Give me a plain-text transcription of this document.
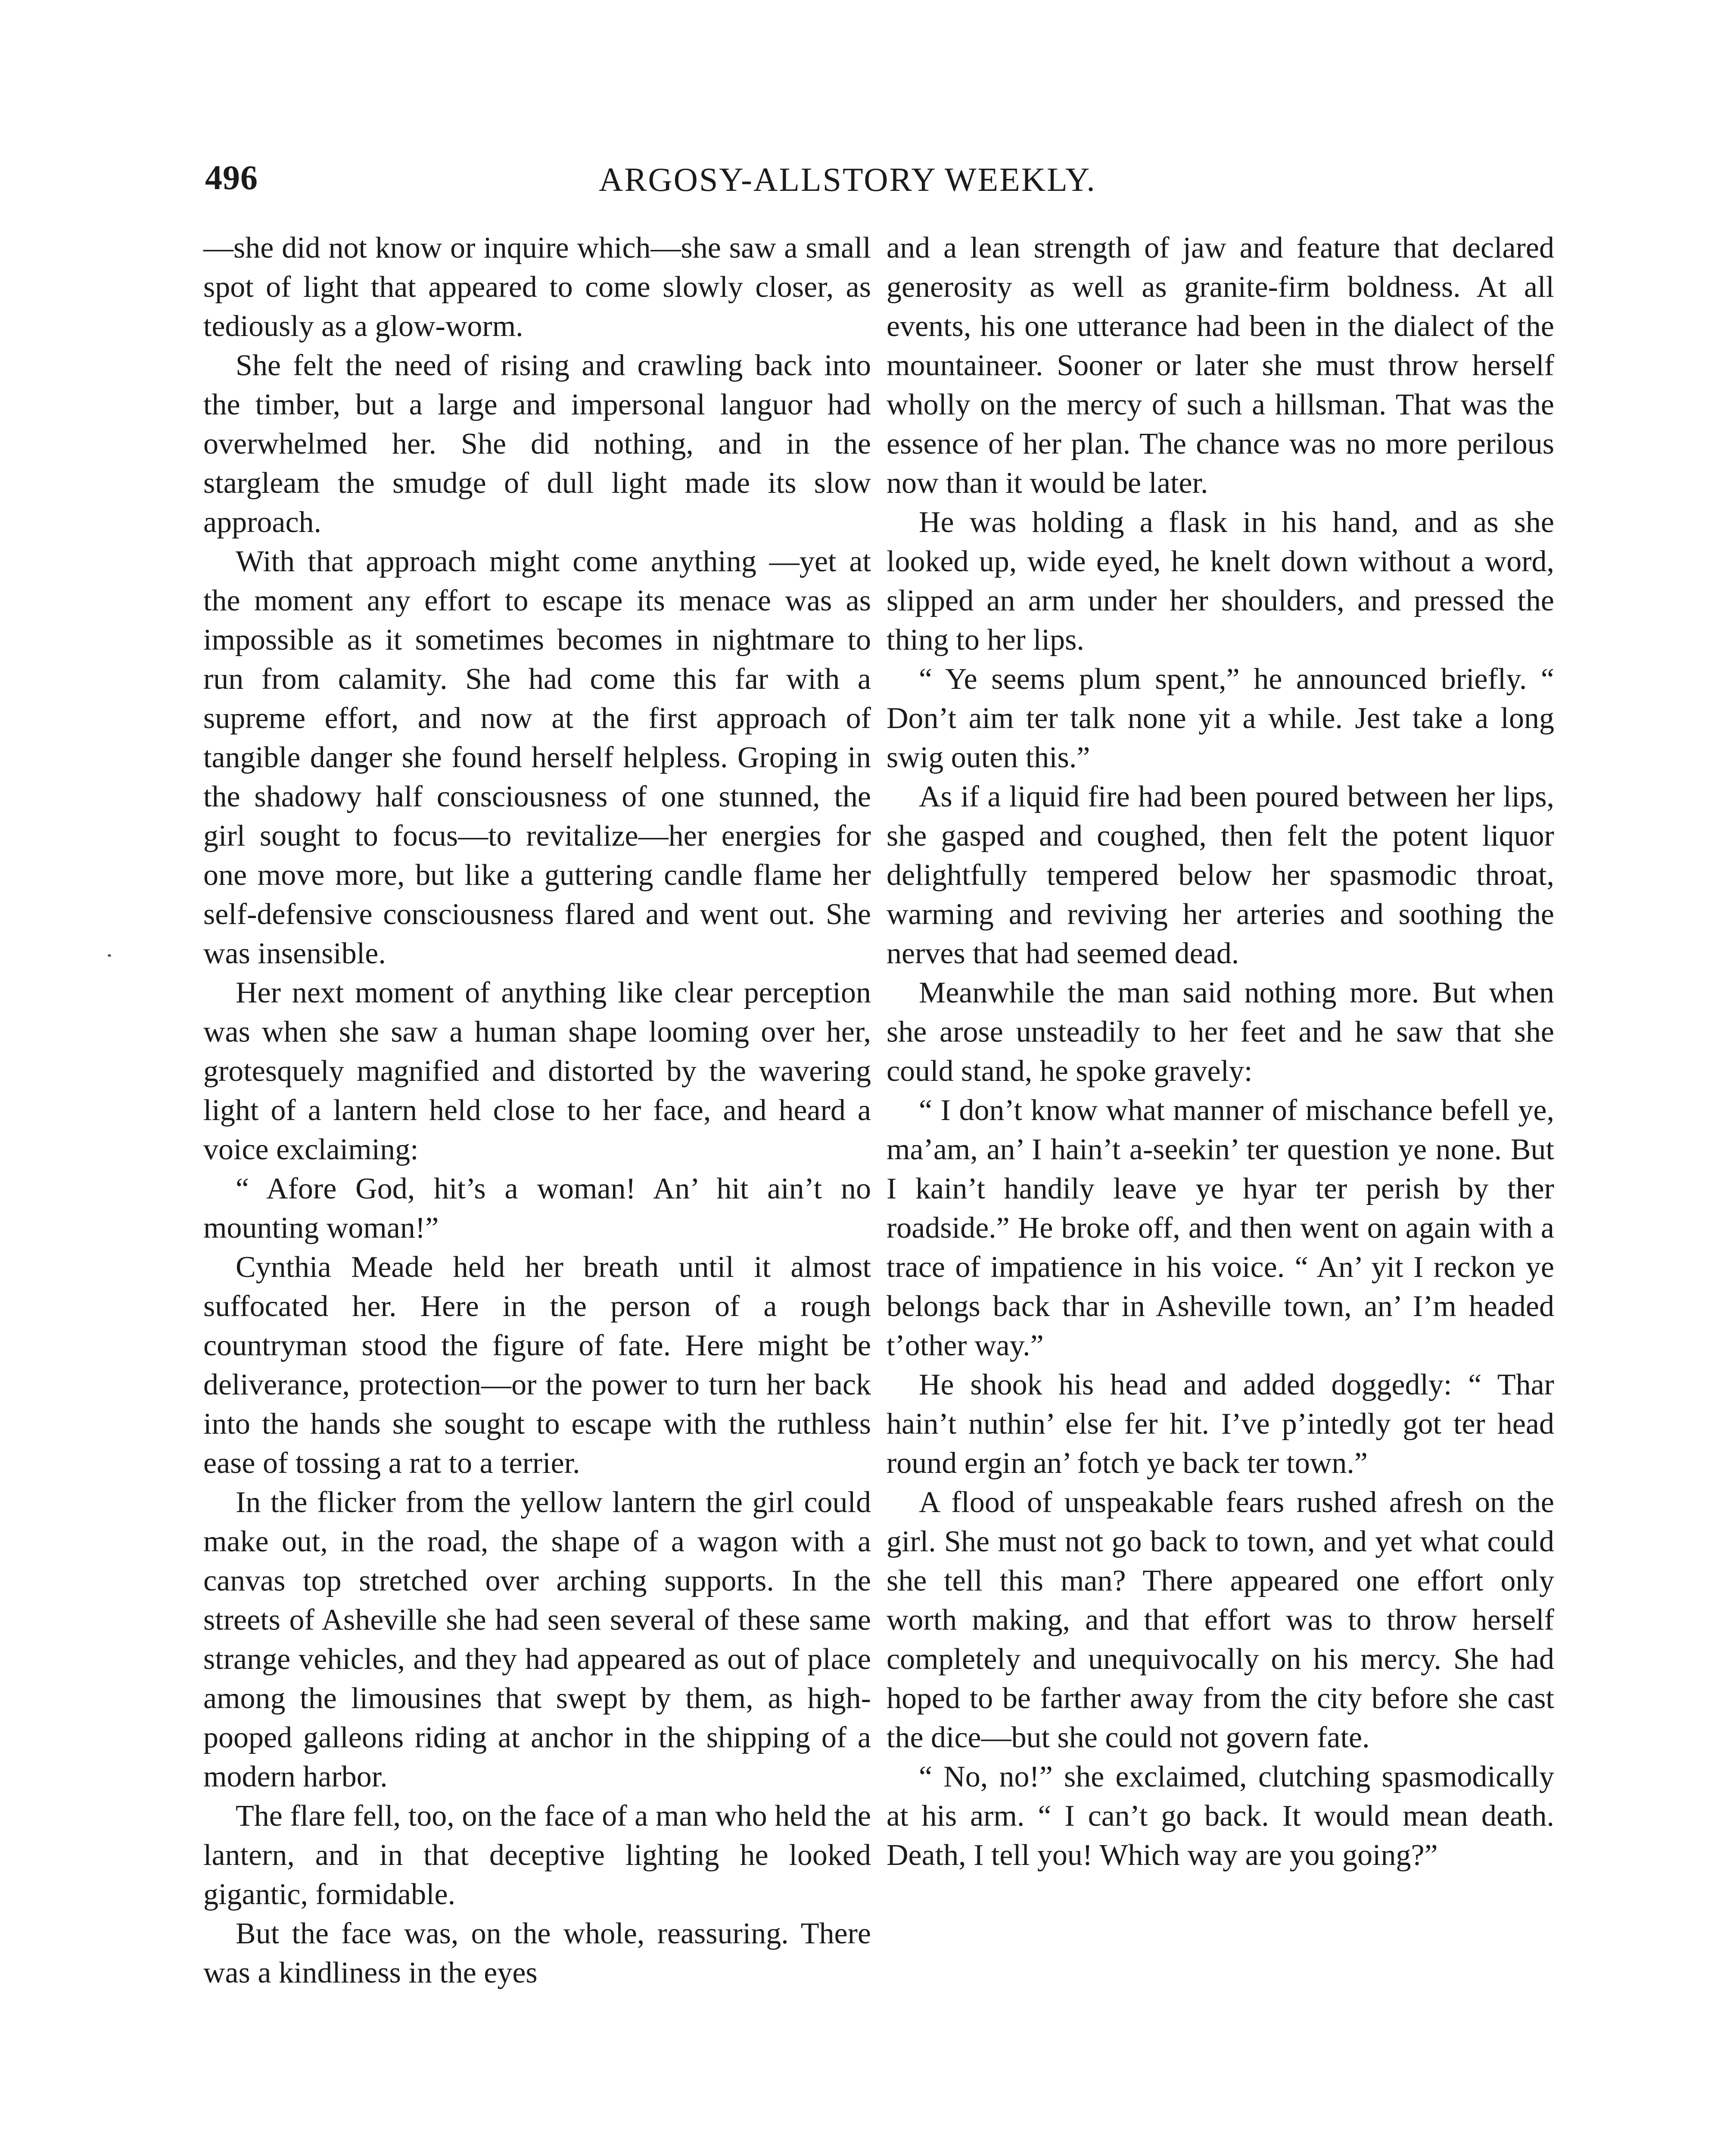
496	ARGOSY-ALLSTORY WEEKLY.

—she did not know or inquire which—she saw a small spot of light that appeared to come slowly closer, as tediously as a glow-worm.

She felt the need of rising and crawling back into the timber, but a large and impersonal languor had overwhelmed her. She did nothing, and in the stargleam the smudge of dull light made its slow approach.

With that approach might come anything —yet at the moment any effort to escape its menace was as impossible as it sometimes becomes in nightmare to run from calamity. She had come this far with a supreme effort, and now at the first approach of tangible danger she found herself helpless. Groping in the shadowy half consciousness of one stunned, the girl sought to focus—to revitalize—her energies for one move more, but like a guttering candle flame her self-defensive consciousness flared and went out. She was insensible.

Her next moment of anything like clear perception was when she saw a human shape looming over her, grotesquely magnified and distorted by the wavering light of a lantern held close to her face, and heard a voice exclaiming:

“ Afore God, hit’s a woman! An’ hit ain’t no mounting woman!”

Cynthia Meade held her breath until it almost suffocated her. Here in the person of a rough countryman stood the figure of fate. Here might be deliverance, protection—or the power to turn her back into the hands she sought to escape with the ruthless ease of tossing a rat to a terrier.

In the flicker from the yellow lantern the girl could make out, in the road, the shape of a wagon with a canvas top stretched over arching supports. In the streets of Asheville she had seen several of these same strange vehicles, and they had appeared as out of place among the limousines that swept by them, as high-pooped galleons riding at anchor in the shipping of a modern harbor.

The flare fell, too, on the face of a man who held the lantern, and in that deceptive lighting he looked gigantic, formidable.

But the face was, on the whole, reassuring. There was a kindliness in the eyes

and a lean strength of jaw and feature that declared generosity as well as granite-firm boldness. At all events, his one utterance had been in the dialect of the mountaineer. Sooner or later she must throw herself wholly on the mercy of such a hillsman. That was the essence of her plan. The chance was no more perilous now than it would be later.

He was holding a flask in his hand, and as she looked up, wide eyed, he knelt down without a word, slipped an arm under her shoulders, and pressed the thing to her lips.

“ Ye seems plum spent,” he announced briefly. “ Don’t aim ter talk none yit a while. Jest take a long swig outen this.”

As if a liquid fire had been poured between her lips, she gasped and coughed, then felt the potent liquor delightfully tempered below her spasmodic throat, warming and reviving her arteries and soothing the nerves that had seemed dead.

Meanwhile the man said nothing more. But when she arose unsteadily to her feet and he saw that she could stand, he spoke gravely:

“ I don’t know what manner of mischance befell ye, ma’am, an’ I hain’t a-seekin’ ter question ye none. But I kain’t handily leave ye hyar ter perish by ther roadside.” He broke off, and then went on again with a trace of impatience in his voice. “ An’ yit I reckon ye belongs back thar in Asheville town, an’ I’m headed t’other way.”

He shook his head and added doggedly: “ Thar hain’t nuthin’ else fer hit. I’ve p’intedly got ter head round ergin an’ fotch ye back ter town.”

A flood of unspeakable fears rushed afresh on the girl. She must not go back to town, and yet what could she tell this man? There appeared one effort only worth making, and that effort was to throw herself completely and unequivocally on his mercy. She had hoped to be farther away from the city before she cast the dice—but she could not govern fate.

“ No, no!” she exclaimed, clutching spasmodically at his arm. “ I can’t go back. It would mean death. Death, I tell you! Which way are you going?”
